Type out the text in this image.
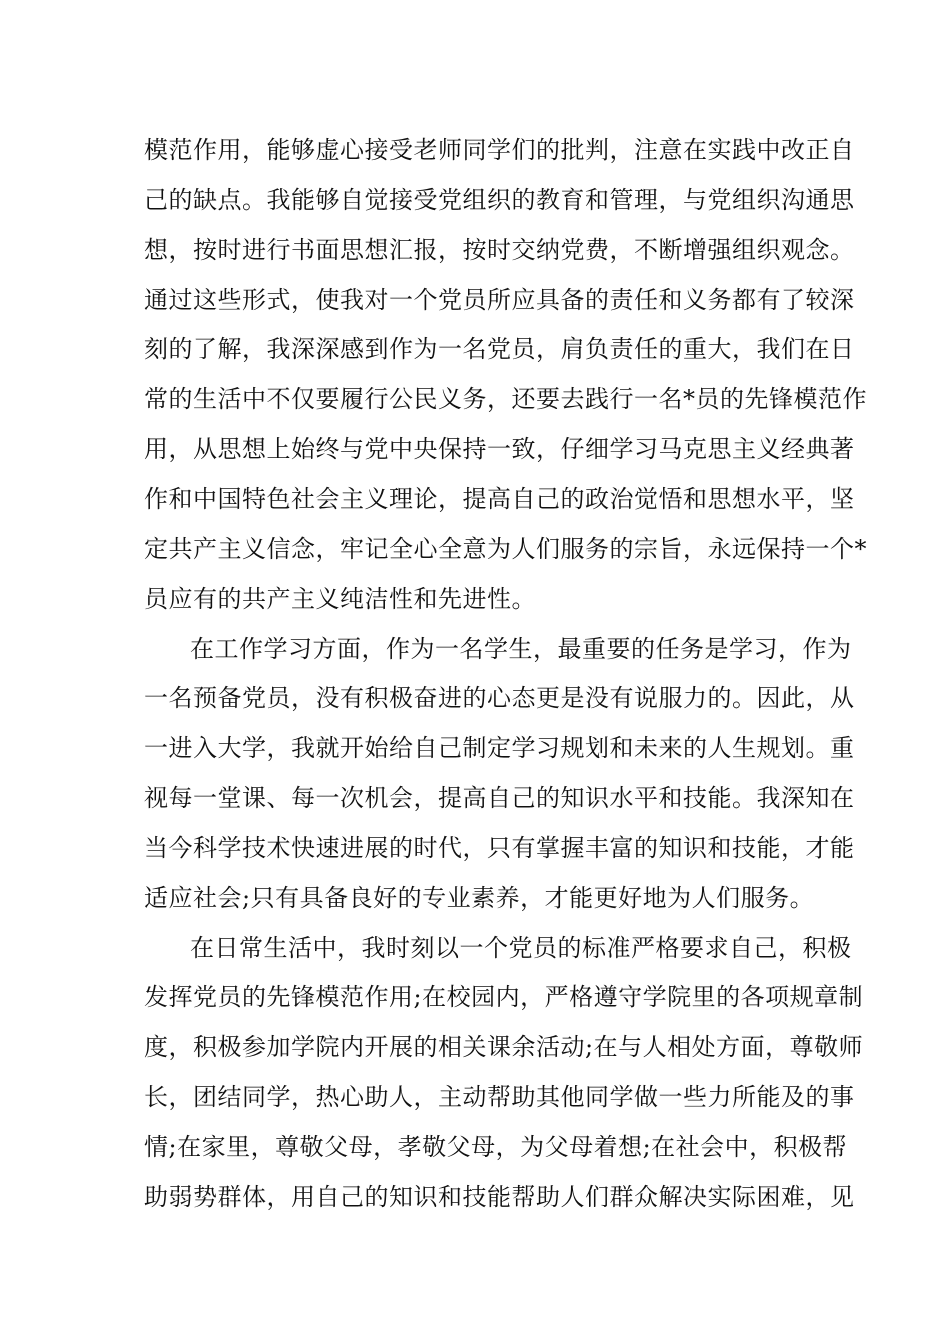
模范作用，能够虚心接受老师同学们的批判，注意在实践中改正自
己的缺点。我能够自觉接受党组织的教育和管理，与党组织沟通思
想，按时进行书面思想汇报，按时交纳党费，不断增强组织观念。
通过这些形式，使我对一个党员所应具备的责任和义务都有了较深
刻的了解，我深深感到作为一名党员，肩负责任的重大，我们在日
常的生活中不仅要履行公民义务，还要去践行一名*员的先锋模范作
用，从思想上始终与党中央保持一致，仔细学习马克思主义经典著
作和中国特色社会主义理论，提高自己的政治觉悟和思想水平，坚
定共产主义信念，牢记全心全意为人们服务的宗旨，永远保持一个*
员应有的共产主义纯洁性和先进性。
在工作学习方面，作为一名学生，最重要的任务是学习，作为
一名预备党员，没有积极奋进的心态更是没有说服力的。因此，从
一进入大学，我就开始给自己制定学习规划和未来的人生规划。重
视每一堂课、每一次机会，提高自己的知识水平和技能。我深知在
当今科学技术快速进展的时代，只有掌握丰富的知识和技能，才能
适应社会;只有具备良好的专业素养，才能更好地为人们服务。
在日常生活中，我时刻以一个党员的标准严格要求自己，积极
发挥党员的先锋模范作用;在校园内，严格遵守学院里的各项规章制
度，积极参加学院内开展的相关课余活动;在与人相处方面，尊敬师
长，团结同学，热心助人，主动帮助其他同学做一些力所能及的事
情;在家里，尊敬父母，孝敬父母，为父母着想;在社会中，积极帮
助弱势群体，用自己的知识和技能帮助人们群众解决实际困难，见
